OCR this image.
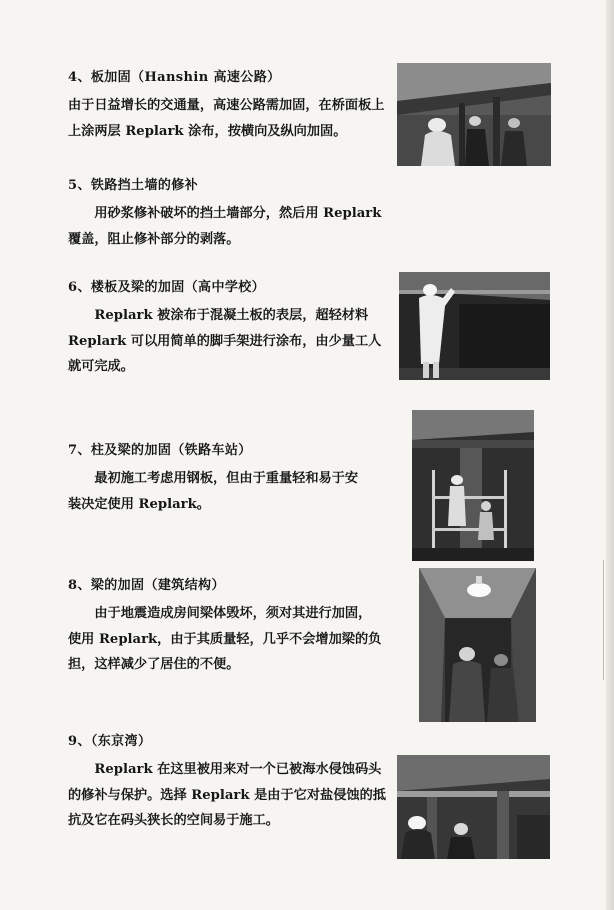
4、板加固（Hanshin 高速公路）

由于日益增长的交通量，高速公路需加固，在桥面板上

上涂两层 Replark 涂布，按横向及纵向加固。

5、铁路挡土墙的修补

　　用砂浆修补破坏的挡土墙部分，然后用 Replark

覆盖，阻止修补部分的剥落。

6、楼板及梁的加固（高中学校）

　　Replark 被涂布于混凝土板的表层，超轻材料

Replark 可以用简单的脚手架进行涂布，由少量工人

就可完成。

7、柱及梁的加固（铁路车站）

　　最初施工考虑用钢板，但由于重量轻和易于安

装决定使用 Replark。

8、梁的加固（建筑结构）

　　由于地震造成房间梁体毁坏，须对其进行加固，

使用 Replark，由于其质量轻，几乎不会增加梁的负

担，这样减少了居住的不便。

9、（东京湾）

　　Replark 在这里被用来对一个已被海水侵蚀码头

的修补与保护。选择 Replark 是由于它对盐侵蚀的抵

抗及它在码头狭长的空间易于施工。
